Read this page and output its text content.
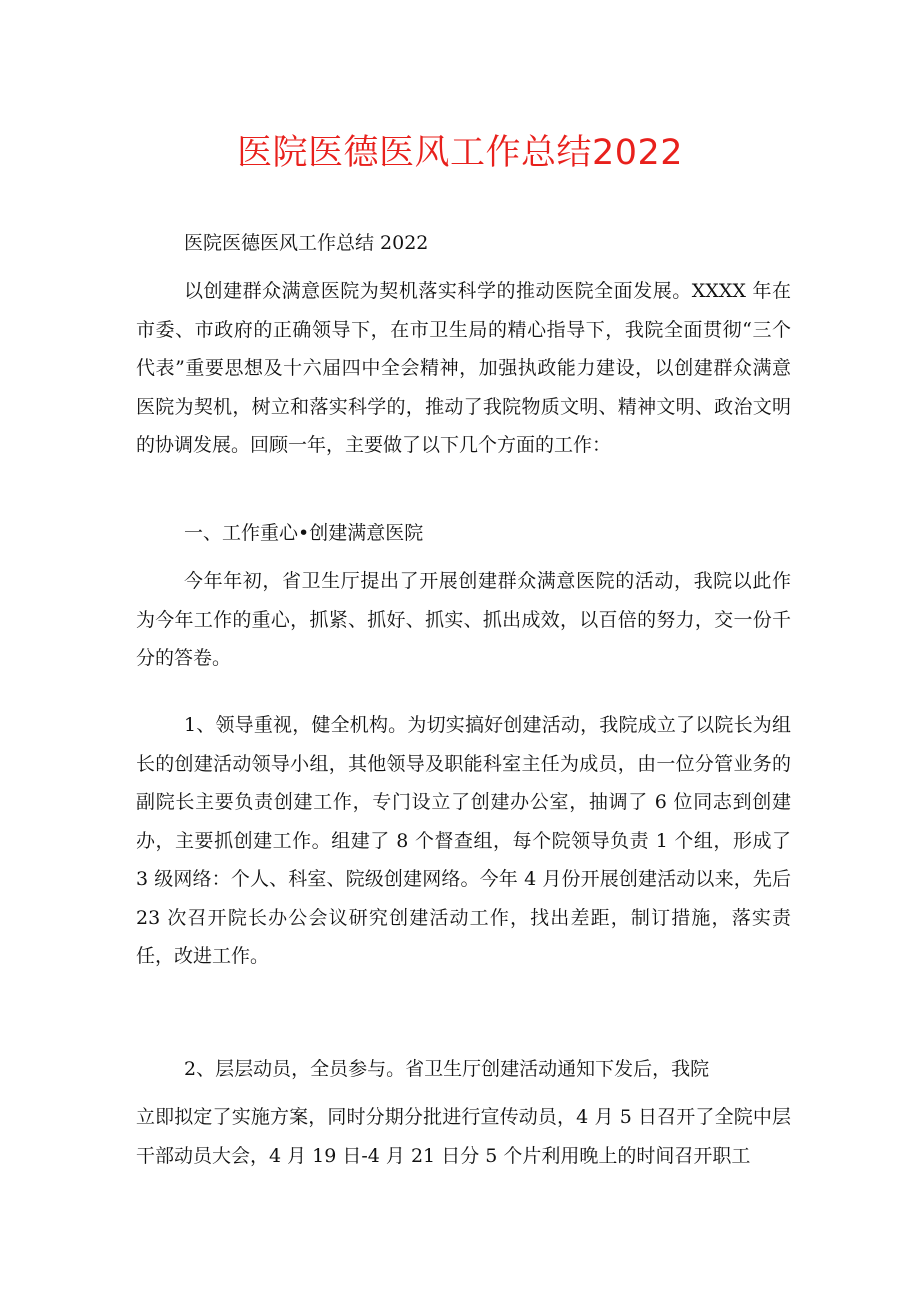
医院医德医风工作总结2022
医院医德医风工作总结 2022
以创建群众满意医院为契机落实科学的推动医院全面发展。XXXX 年在市委、市政府的正确领导下，在市卫生局的精心指导下，我院全面贯彻“三个代表”重要思想及十六届四中全会精神，加强执政能力建设，以创建群众满意医院为契机，树立和落实科学的，推动了我院物质文明、精神文明、政治文明的协调发展。回顾一年，主要做了以下几个方面的工作：
一、工作重心•创建满意医院
今年年初，省卫生厅提出了开展创建群众满意医院的活动，我院以此作为今年工作的重心，抓紧、抓好、抓实、抓出成效，以百倍的努力，交一份千分的答卷。
1、领导重视，健全机构。为切实搞好创建活动，我院成立了以院长为组长的创建活动领导小组，其他领导及职能科室主任为成员，由一位分管业务的副院长主要负责创建工作，专门设立了创建办公室，抽调了 6 位同志到创建办，主要抓创建工作。组建了 8 个督查组，每个院领导负责 1 个组，形成了 3 级网络：个人、科室、院级创建网络。今年 4 月份开展创建活动以来，先后 23 次召开院长办公会议研究创建活动工作，找出差距，制订措施，落实责任，改进工作。
2、层层动员，全员参与。省卫生厅创建活动通知下发后，我院
立即拟定了实施方案，同时分期分批进行宣传动员，4 月 5 日召开了全院中层干部动员大会，4 月 19 日-4 月 21 日分 5 个片利用晚上的时间召开职工
